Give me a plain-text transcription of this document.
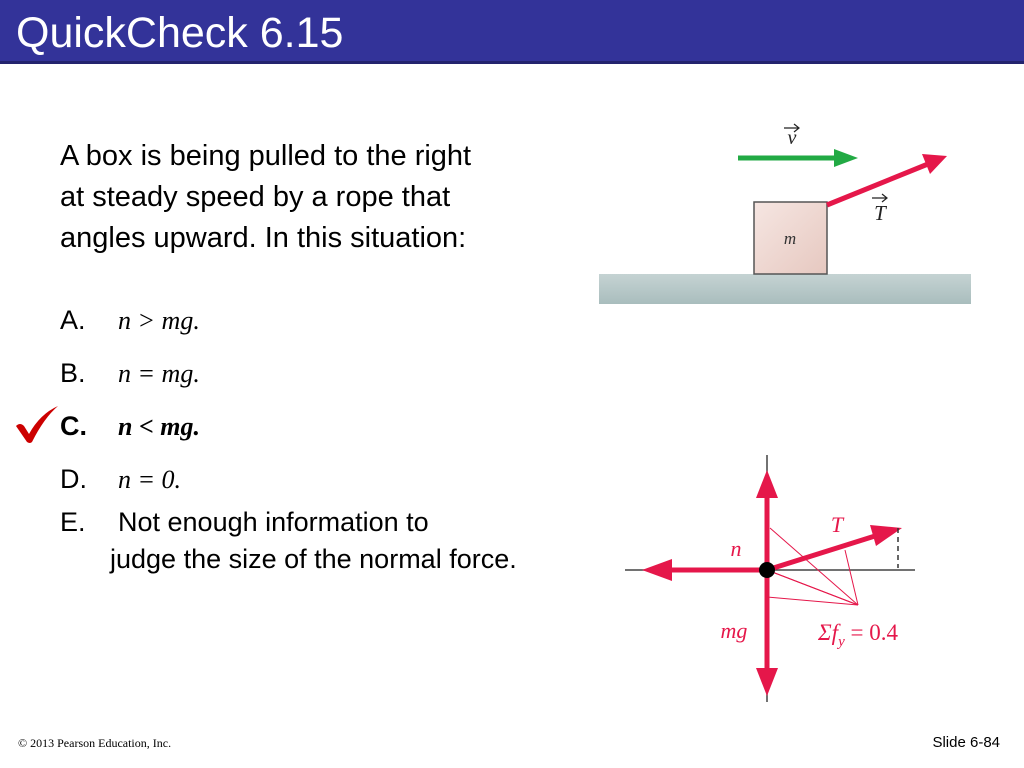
QuickCheck 6.15
A box is being pulled to the right
at steady speed by a rope that
angles upward. In this situation:
A. n > mg.
B. n = mg.
C. n < mg.
D. n = 0.
E. Not enough information to
judge the size of the normal force.
m
v
T
n
T
mg	$\Sigma f_y = 0.4$
© 2013 Pearson Education, Inc.	Slide 6-84
